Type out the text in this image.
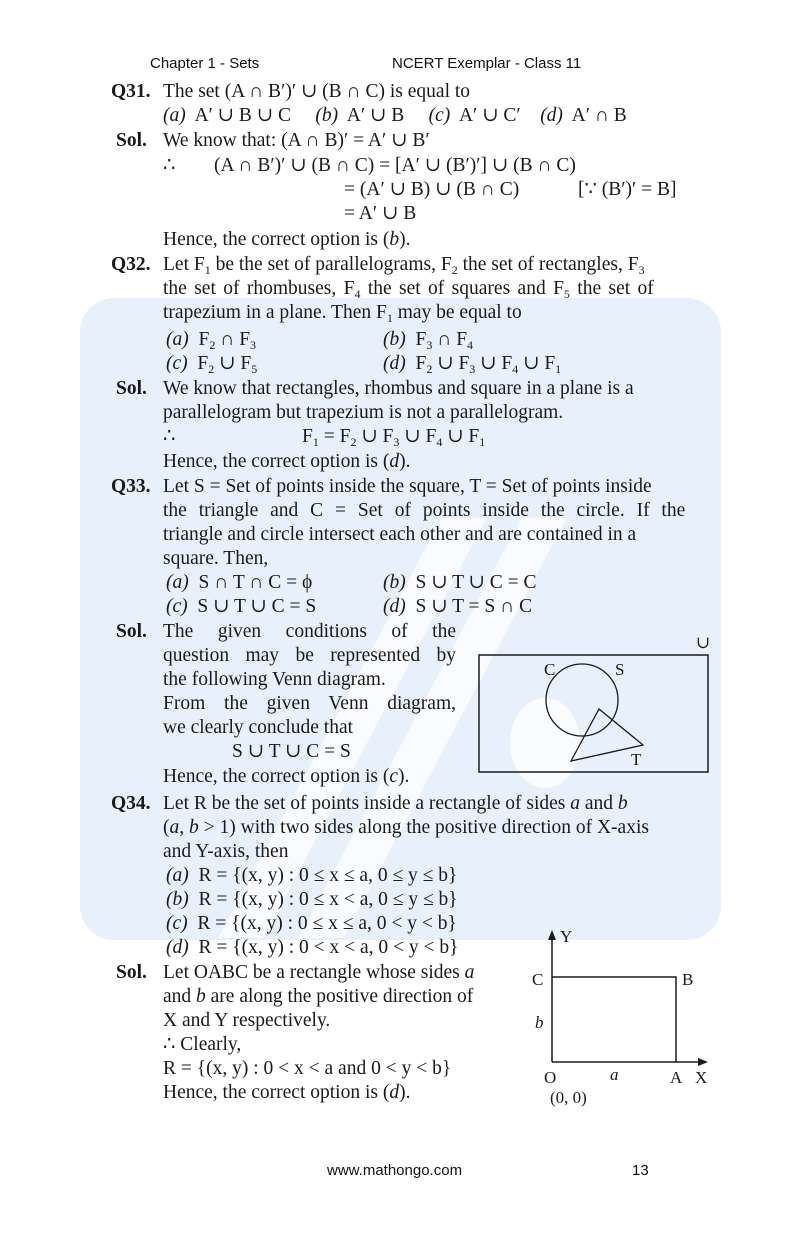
Chapter 1 - Sets	NCERT Exemplar - Class 11
Q31. The set (A ∩ B′)′ ∪ (B ∩ C) is equal to
(a) A′ ∪ B ∪ C (b) A′ ∪ B (c) A′ ∪ C′ (d) A′ ∩ B
Sol. We know that: (A ∩ B)′ = A′ ∪ B′
∴ (A ∩ B′)′ ∪ (B ∩ C) = [A′ ∪ (B′)′] ∪ (B ∩ C)
= (A′ ∪ B) ∪ (B ∩ C)	[∵ (B′)′ = B]
= A′ ∪ B
Hence, the correct option is (b).
Q32. Let $F_1$ be the set of parallelograms, $F_2$ the set of rectangles, $F_3$
the set of rhombuses, $F_4$ the set of squares and $F_5$ the set of
trapezium in a plane. Then $F_1$ may be equal to
(a)  $F_2$ ∩ $F_3$	(b)  $F_3$ ∩ $F_4$
(c)  $F_2$ ∪ $F_5$	(d)  $F_2$ ∪ $F_3$ ∪ $F_4$ ∪ $F_1$
Sol. We know that rectangles, rhombus and square in a plane is a
parallelogram but trapezium is not a parallelogram.
∴	$F_1 = F_2$ ∪ $F_3$ ∪ $F_4$ ∪ $F_1$
Hence, the correct option is (d).
Q33. Let S = Set of points inside the square, T = Set of points inside
the triangle and C = Set of points inside the circle. If the
triangle and circle intersect each other and are contained in a
square. Then,
(a) S ∩ T ∩ C = ϕ	(b) S ∪ T ∪ C = C
(c) S ∪ T ∪ C = S	(d) S ∪ T = S ∩ C
Sol. The given conditions of the
question may be represented by
the following Venn diagram.
From the given Venn diagram,
we clearly conclude that
S ∪ T ∪ C = S
Hence, the correct option is (c).
∪
C	S
T
Q34. Let R be the set of points inside a rectangle of sides a and b
(a, b > 1) with two sides along the positive direction of X-axis
and Y-axis, then
(a) R = {(x, y) : 0 ≤ x ≤ a, 0 ≤ y ≤ b}
(b) R = {(x, y) : 0 ≤ x < a, 0 ≤ y ≤ b}
(c) R = {(x, y) : 0 ≤ x ≤ a, 0 < y < b}
(d) R = {(x, y) : 0 < x < a, 0 < y < b}
Sol. Let OABC be a rectangle whose sides a
and b are along the positive direction of
X and Y respectively.
∴ Clearly,
R = {(x, y) : 0 < x < a and 0 < y < b}
Hence, the correct option is (d).
Y
C	B
b
O	a	A X
(0, 0)
www.mathongo.com	13
